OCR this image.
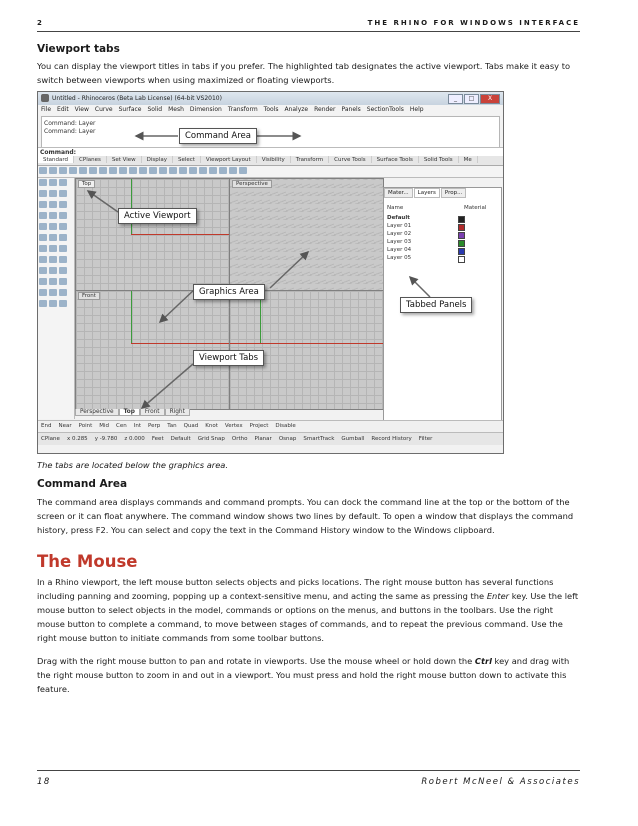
2	THE RHINO FOR WINDOWS INTERFACE
Viewport tabs

You can display the viewport titles in tabs if you prefer. The highlighted tab designates the active viewport. Tabs make it easy to switch between viewports when using maximized or floating viewports.

Untitled - Rhinoceros (Beta Lab License) (64-bit VS2010)	_ □ X
File Edit View Curve Surface Solid Mesh Dimension Transform Tools Analyze Render Panels SectionTools Help
Command: Layer
Command: Layer
Command:
Standard CPlanes Set View Display Select Viewport Layout Visibility Transform Curve Tools Surface Tools Solid Tools Me
Top	Perspective
Front
Mater... Layers Prop...
Name	Material
Default
Layer 01
Layer 02
Layer 03
Layer 04
Layer 05
Perspective Top Front Right
End Near Point Mid Cen Int Perp Tan Quad Knot Vertex Project Disable
CPlane x 0.285 y -9.780 z 0.000 Feet Default Grid Snap Ortho Planar Osnap SmartTrack Gumball Record History Filter
Command Area
Active Viewport
Graphics Area
Viewport Tabs
Tabbed Panels

The tabs are located below the graphics area.

Command Area

The command area displays commands and command prompts. You can dock the command line at the top or the bottom of the screen or it can float anywhere. The command window shows two lines by default. To open a window that displays the command history, press F2. You can select and copy the text in the Command History window to the Windows clipboard.

The Mouse

In a Rhino viewport, the left mouse button selects objects and picks locations. The right mouse button has several functions including panning and zooming, popping up a context-sensitive menu, and acting the same as pressing the Enter key. Use the left mouse button to select objects in the model, commands or options on the menus, and buttons in the toolbars. Use the right mouse button to complete a command, to move between stages of commands, and to repeat the previous command. Use the right mouse button to initiate commands from some toolbar buttons.

Drag with the right mouse button to pan and rotate in viewports. Use the mouse wheel or hold down the Ctrl key and drag with the right mouse button to zoom in and out in a viewport. You must press and hold the right mouse button down to activate this feature.

18	Robert McNeel & Associates
